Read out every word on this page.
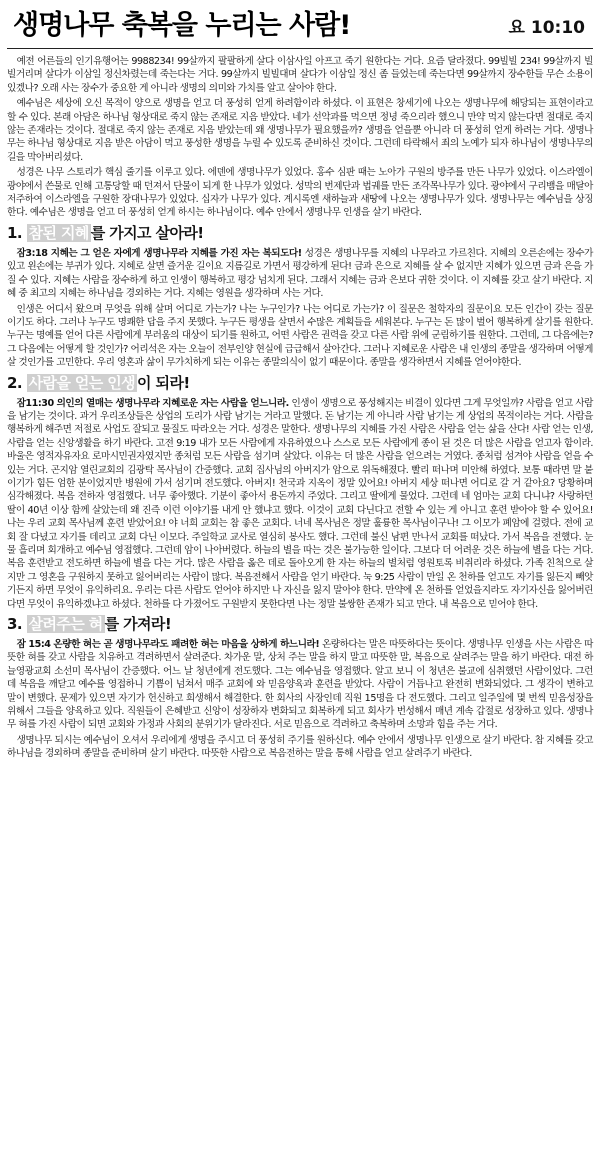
생명나무 축복을 누리는 사람!	요 10:10

예전 어른들의 인기유행어는 9988234! 99살까지 팔팔하게 살다 이삼사일 아프고 죽기 원한다는 거다. 요즘 달라졌다. 99빌빌 234! 99살까지 빌빌거리며 살다가 이삼일 정신차렸는데 죽는다는 거다. 99살까지 빌빌대며 살다가 이삼일 정신 좀 들었는데 죽는다면 99살까지 장수한들 무슨 소용이 있겠나? 오래 사는 장수가 중요한 게 아니라 생명의 의미와 가치를 알고 살아야 한다.

예수님은 세상에 오신 목적이 양으로 생명을 얻고 더 풍성히 얻게 하려함이라 하셨다. 이 표현은 창세기에 나오는 생명나무에 해당되는 표현이라고 할 수 있다. 본래 아담은 하나님 형상대로 죽지 않는 존재로 지음 받았다. 네가 선악과를 먹으면 정녕 죽으리라 했으니 만약 먹지 않는다면 절대로 죽지 않는 존재라는 것이다. 절대로 죽지 않는 존재로 지음 받았는데 왜 생명나무가 필요했을까? 생명을 얻을뿐 아니라 더 풍성히 얻게 하려는 거다. 생명나무는 하나님 형상대로 지음 받은 아담이 먹고 풍성한 생명을 누릴 수 있도록 준비하신 것이다. 그런데 타락해서 죄의 노예가 되자 하나님이 생명나무의 길을 막아버리셨다.

성경은 나무 스토리가 핵심 줄기를 이루고 있다. 에덴에 생명나무가 있었다. 홍수 심판 때는 노아가 구원의 방주를 만든 나무가 있었다. 이스라엘이 광야에서 쓴물로 인해 고통당할 때 던져서 단물이 되게 한 나무가 있었다. 성막의 번제단과 법궤를 만든 조각목나무가 있다. 광야에서 구리뱀을 매달아 저주하여 이스라엘을 구원한 장대나무가 있었다. 십자가 나무가 있다. 계시록엔 새하늘과 새땅에 나오는 생명나무가 있다. 생명나무는 예수님을 상징한다. 예수님은 생명을 얻고 더 풍성히 얻게 하시는 하나님이다. 예수 안에서 생명나무 인생을 살기 바란다.

1. 참된 지혜 를 가지고 살아라!

잠3:18 지혜는 그 얻은 자에게 생명나무라 지혜를 가진 자는 복되도다! 성경은 생명나무를 지혜의 나무라고 가르친다. 지혜의 오른손에는 장수가 있고 왼손에는 부귀가 있다. 지혜로 살면 즐거운 길이요 지름길로 가면서 평강하게 된다! 금과 은으로 지혜를 살 수 없지만 지혜가 있으면 금과 은을 가질 수 있다. 지혜는 사람을 장수하게 하고 인생이 행복하고 평강 넘치게 된다. 그래서 지혜는 금과 은보다 귀한 것이다. 이 지혜를 갖고 살기 바란다. 지혜 중 최고의 지혜는 하나님을 경외하는 거다. 지혜는 영원을 생각하며 사는 거다.

인생은 어디서 왔으며 무엇을 위해 살며 어디로 가는가? 나는 누구인가? 나는 어디로 가는가? 이 질문은 철학자의 질문이요 모든 인간이 갖는 질문이기도 하다. 그러나 누구도 명쾌한 답을 주지 못했다. 누구든 평생을 살면서 수많은 계획들을 세워본다. 누구는 돈 많이 벌어 행복하게 살기를 원한다. 누구는 명예를 얻어 다른 사람에게 부러움의 대상이 되기를 원하고, 어떤 사람은 권력을 갖고 다른 사람 위에 군림하기를 원한다. 그런데, 그 다음에는? 그 다음에는 어떻게 할 것인가? 어리석은 자는 오늘이 전부인양 현실에 급급해서 살아간다. 그러나 지혜로운 사람은 내 인생의 종말을 생각하며 어떻게 살 것인가를 고민한다. 우리 영혼과 삶이 무가치하게 되는 이유는 종말의식이 없기 때문이다. 종말을 생각하면서 지혜를 얻어야한다.

2. 사람을 얻는 인생 이 되라!

잠11:30 의인의 열매는 생명나무라 지혜로운 자는 사람을 얻느니라. 인생이 생명으로 풍성해지는 비결이 있다면 그게 무엇일까? 사람을 얻고 사람을 남기는 것이다. 과거 우리조상들은 상업의 도리가 사람 남기는 거라고 말했다. 돈 남기는 게 아니라 사람 남기는 게 상업의 목적이라는 거다. 사람을 행복하게 해주면 저절로 사업도 잘되고 물질도 따라오는 거다. 성경은 말한다. 생명나무의 지혜를 가진 사람은 사람을 얻는 삶을 산다! 사람 얻는 인생, 사람을 얻는 신앙생활을 하기 바란다. 고전 9:19 내가 모든 사람에게 자유하였으나 스스로 모든 사람에게 종이 된 것은 더 많은 사람을 얻고자 함이라. 바울은 영적자유자요 로마시민권자였지만 종처럼 모든 사람을 섬기며 살았다. 이유는 더 많은 사람을 얻으려는 거였다. 종처럼 섬겨야 사람을 얻을 수 있는 거다. 곤지암 열린교회의 김광탁 목사님이 간증했다. 교회 집사님의 아버지가 암으로 위독해졌다. 빨리 떠나며 미안해 하였다. 보통 때라면 말 붙이기가 힘든 엄한 분이었지만 병원에 가서 섬기며 전도했다. 아버지! 천국과 지옥이 정말 있어요! 아버지 세상 떠나면 어디로 갈 거 같아요? 당황하며 심각해졌다. 복음 전하자 영접했다. 너무 좋아했다. 기분이 좋아서 용돈까지 주었다. 그리고 딸에게 물었다. 그런데 네 엄마는 교회 다니냐? 사랑하던 딸이 40년 이상 함께 살았는데 왜 진즉 이런 이야기를 내게 안 했냐고 했다. 이것이 교회 다닌다고 전할 수 있는 게 아니고 훈련 받아야 할 수 있어요! 나는 우리 교회 목사님께 훈련 받았어요! 야 너희 교회는 참 좋은 교회다. 너네 목사님은 정말 훌륭한 목사님이구나! 그 이모가 폐암에 걸렸다. 전에 교회 잘 다녔고 자기를 데리고 교회 다닌 이모다. 주일학교 교사로 열심히 봉사도 했다. 그런데 불신 남편 만나서 교회를 떠났다. 가서 복음을 전했다. 눈물 흘리며 회개하고 예수님 영접했다. 그런데 암이 나아버렸다. 하늘의 별을 따는 것은 불가능한 일이다. 그보다 더 어려운 것은 하늘에 별을 다는 거다. 복음 훈련받고 전도하면 하늘에 별을 다는 거다. 많은 사람을 옳은 데로 돌아오게 한 자는 하늘의 별처럼 영원토록 비취리라 하셨다. 가족 친척으로 살지만 그 영혼을 구원하지 못하고 잃어버리는 사람이 많다. 복음전해서 사람을 얻기 바란다. 눅 9:25 사람이 만일 온 천하를 얻고도 자기를 잃든지 빼앗기든지 하면 무엇이 유익하리요. 우리는 다른 사람도 얻어야 하지만 나 자신을 잃지 말아야 한다. 만약에 온 천하를 얻었을지라도 자기자신을 잃어버린다면 무엇이 유익하겠냐고 하셨다. 천하를 다 가졌어도 구원받지 못한다면 나는 정말 불쌍한 존재가 되고 만다. 내 복음으로 믿어야 한다.

3. 살려주는 혀 를 가져라!

잠 15:4 온량한 혀는 곧 생명나무라도 패려한 혀는 마음을 상하게 하느니라! 온량하다는 말은 따뜻하다는 뜻이다. 생명나무 인생을 사는 사람은 따뜻한 혀를 갖고 사람을 치유하고 격려하면서 살려준다. 차가운 말, 상처 주는 말을 하지 말고 따뜻한 말, 복음으로 살려주는 말을 하기 바란다. 대전 하늘영광교회 소선미 목사님이 간증했다. 어느 날 청년에게 전도했다. 그는 예수님을 영접했다. 알고 보니 이 청년은 불교에 심취했던 사람이었다. 그런데 복음을 깨닫고 예수를 영접하니 기쁨이 넘쳐서 매주 교회에 와 믿음양육과 훈련을 받았다. 사람이 거듭나고 완전히 변화되었다. 그 생각이 변하고 말이 변했다. 문제가 있으면 자기가 헌신하고 희생해서 해결한다. 한 회사의 사장인데 직원 15명을 다 전도했다. 그리고 일주일에 몇 번씩 믿음성장을 위해서 그들을 양육하고 있다. 직원들이 은혜받고 신앙이 성장하자 변화되고 회복하게 되고 회사가 번성해서 매년 계속 갑절로 성장하고 있다. 생명나무 혀를 가진 사람이 되면 교회와 가정과 사회의 분위기가 달라진다. 서로 믿음으로 격려하고 축복하며 소망과 힘을 주는 거다.

생명나무 되시는 예수님이 오셔서 우리에게 생명을 주시고 더 풍성히 주기를 원하신다. 예수 안에서 생명나무 인생으로 살기 바란다. 참 지혜를 갖고 하나님을 경외하며 종말을 준비하며 살기 바란다. 따뜻한 사람으로 복음전하는 말을 통해 사람을 얻고 살려주기 바란다.
